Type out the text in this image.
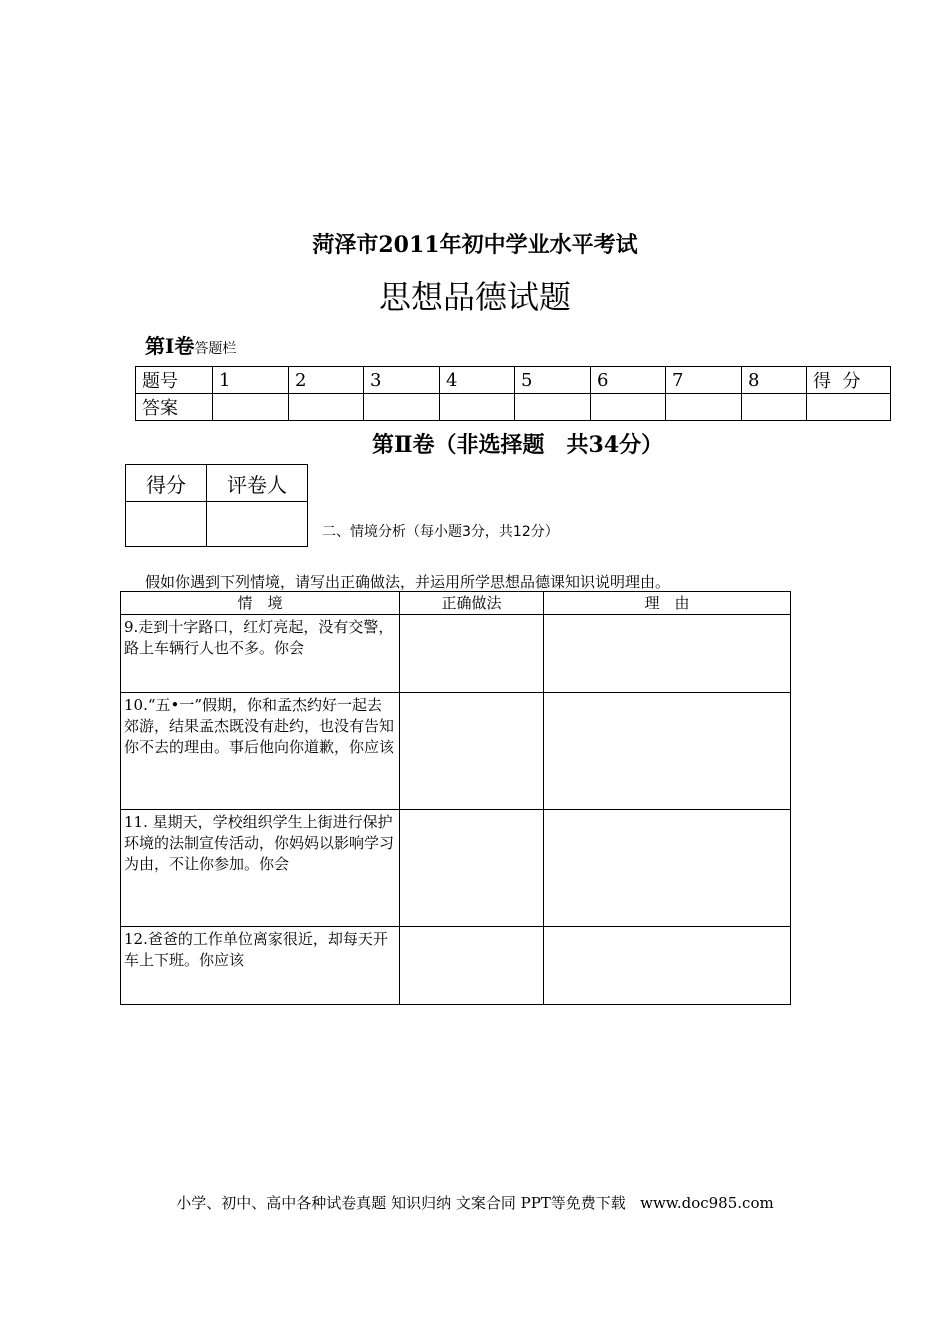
菏泽市2011年初中学业水平考试
思想品德试题
第Ⅰ卷答题栏
题号	1	2	3	4	5	6	7	8	得  分
答案									
第Ⅱ卷（非选择题　共34分）
得分	评卷人

二、情境分析（每小题3分，共12分）
假如你遇到下列情境，请写出正确做法，并运用所学思想品德课知识说明理由。
情　境	正确做法	理　由
9.走到十字路口，红灯亮起，没有交警，路上车辆行人也不多。你会		
10.“五•一”假期，你和孟杰约好一起去郊游，结果孟杰既没有赴约，也没有告知你不去的理由。事后他向你道歉，你应该		
11. 星期天，学校组织学生上街进行保护环境的法制宣传活动，你妈妈以影响学习为由，不让你参加。你会		
12.爸爸的工作单位离家很近，却每天开车上下班。你应该		
小学、初中、高中各种试卷真题 知识归纳 文案合同 PPT等免费下载   www.doc985.com
